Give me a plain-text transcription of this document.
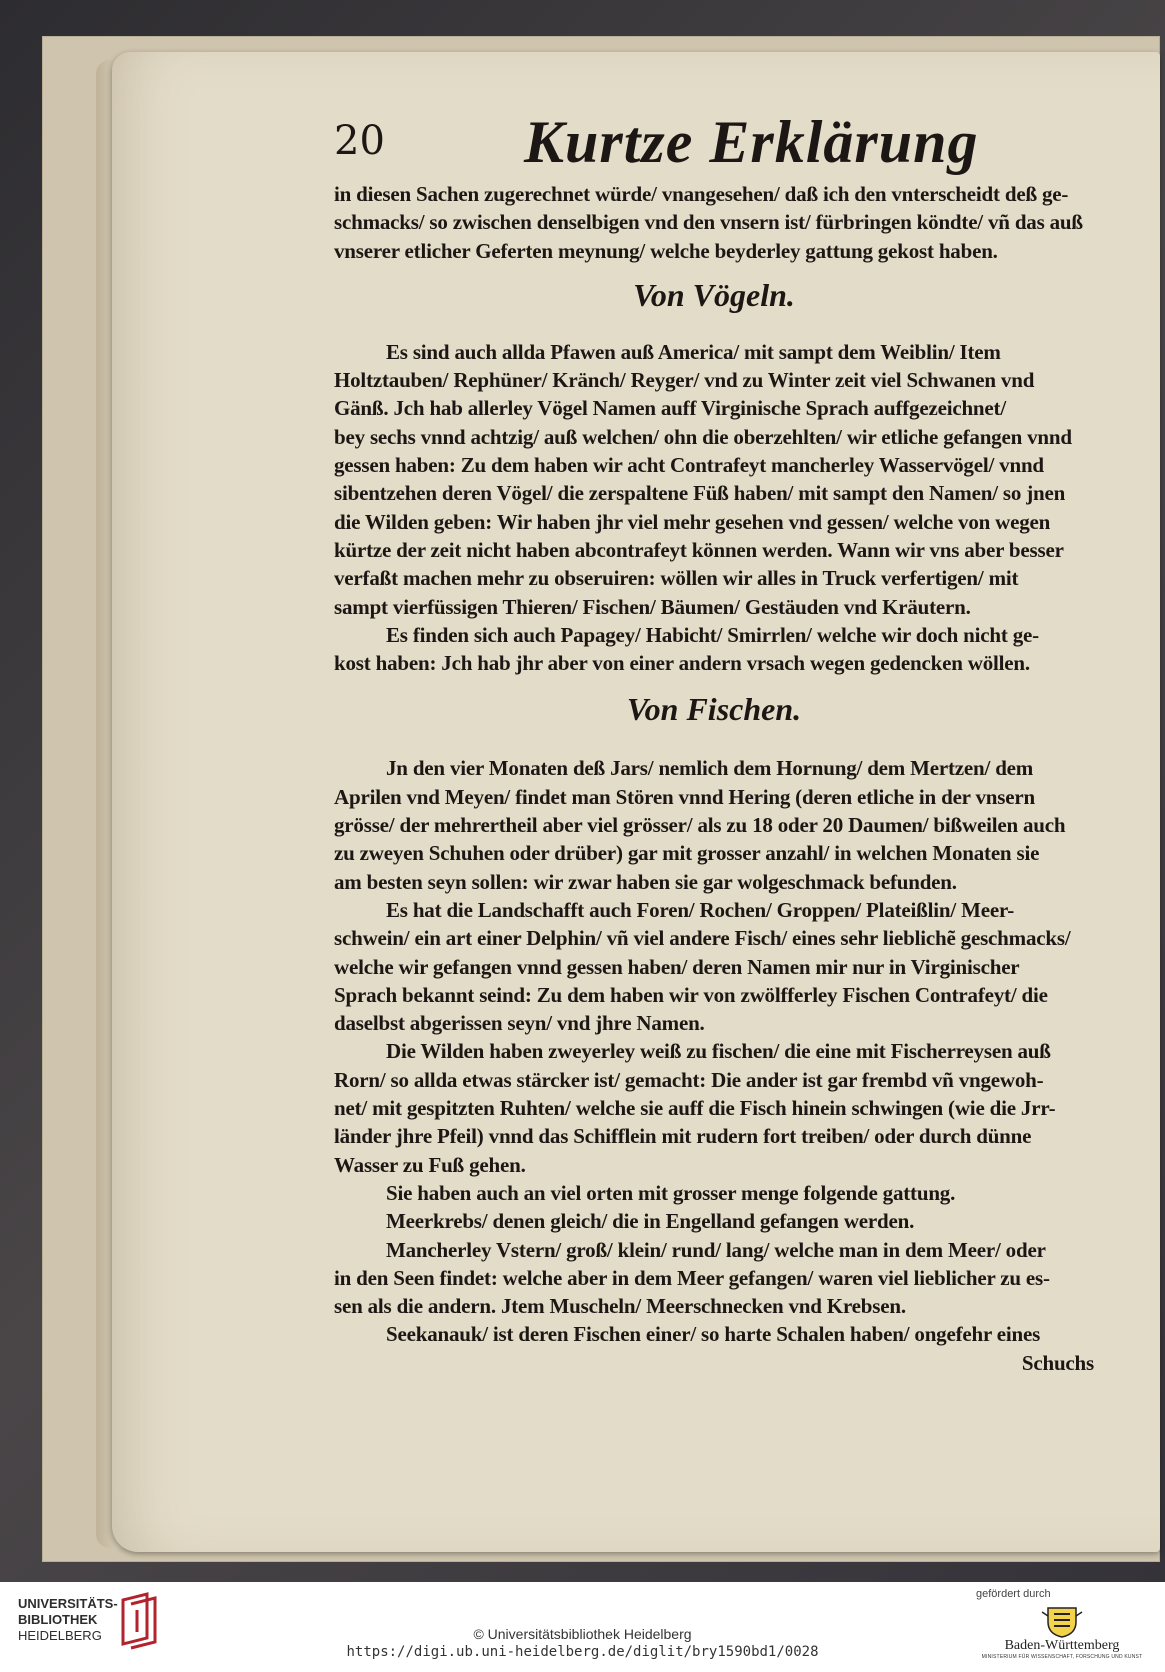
20 Kurtze Erklärung
in diesen Sachen zugerechnet würde/ vnangesehen/ daß ich den vnterscheidt deß ge-
schmacks/ so zwischen denselbigen vnd den vnsern ist/ fürbringen köndte/ vñ das auß
vnserer etlicher Geferten meynung/ welche beyderley gattung gekost haben.
Von Vögeln.
Es sind auch allda Pfawen auß America/ mit sampt dem Weiblin/ Item
Holtztauben/ Rephüner/ Kränch/ Reyger/ vnd zu Winter zeit viel Schwanen vnd
Gänß. Jch hab allerley Vögel Namen auff Virginische Sprach auffgezeichnet/
bey sechs vnnd achtzig/ auß welchen/ ohn die oberzehlten/ wir etliche gefangen vnnd
gessen haben: Zu dem haben wir acht Contrafeyt mancherley Wasservögel/ vnnd
sibentzehen deren Vögel/ die zerspaltene Füß haben/ mit sampt den Namen/ so jnen
die Wilden geben: Wir haben jhr viel mehr gesehen vnd gessen/ welche von wegen
kürtze der zeit nicht haben abcontrafeyt können werden. Wann wir vns aber besser
verfaßt machen mehr zu obseruiren: wöllen wir alles in Truck verfertigen/ mit
sampt vierfüssigen Thieren/ Fischen/ Bäumen/ Gestäuden vnd Kräutern.
Es finden sich auch Papagey/ Habicht/ Smirrlen/ welche wir doch nicht ge-
kost haben: Jch hab jhr aber von einer andern vrsach wegen gedencken wöllen.
Von Fischen.
Jn den vier Monaten deß Jars/ nemlich dem Hornung/ dem Mertzen/ dem
Aprilen vnd Meyen/ findet man Stören vnnd Hering (deren etliche in der vnsern
grösse/ der mehrertheil aber viel grösser/ als zu 18 oder 20 Daumen/ bißweilen auch
zu zweyen Schuhen oder drüber) gar mit grosser anzahl/ in welchen Monaten sie
am besten seyn sollen: wir zwar haben sie gar wolgeschmack befunden.
Es hat die Landschafft auch Foren/ Rochen/ Groppen/ Plateißlin/ Meer-
schwein/ ein art einer Delphin/ vñ viel andere Fisch/ eines sehr lieblichẽ geschmacks/
welche wir gefangen vnnd gessen haben/ deren Namen mir nur in Virginischer
Sprach bekannt seind: Zu dem haben wir von zwölfferley Fischen Contrafeyt/ die
daselbst abgerissen seyn/ vnd jhre Namen.
Die Wilden haben zweyerley weiß zu fischen/ die eine mit Fischerreysen auß
Rorn/ so allda etwas stärcker ist/ gemacht: Die ander ist gar frembd vñ vngewoh-
net/ mit gespitzten Ruhten/ welche sie auff die Fisch hinein schwingen (wie die Jrr-
länder jhre Pfeil) vnnd das Schifflein mit rudern fort treiben/ oder durch dünne
Wasser zu Fuß gehen.
Sie haben auch an viel orten mit grosser menge folgende gattung.
Meerkrebs/ denen gleich/ die in Engelland gefangen werden.
Mancherley Vstern/ groß/ klein/ rund/ lang/ welche man in dem Meer/ oder
in den Seen findet: welche aber in dem Meer gefangen/ waren viel lieblicher zu es-
sen als die andern. Jtem Muscheln/ Meerschnecken vnd Krebsen.
Seekanauk/ ist deren Fischen einer/ so harte Schalen haben/ ongefehr eines
Schuchs
UNIVERSITÄTS-
BIBLIOTHEK
HEIDELBERG	© Universitätsbibliothek Heidelberg
https://digi.ub.uni-heidelberg.de/diglit/bry1590bd1/0028
gefördert durch
Baden-Württemberg
MINISTERIUM FÜR WISSENSCHAFT, FORSCHUNG UND KUNST
